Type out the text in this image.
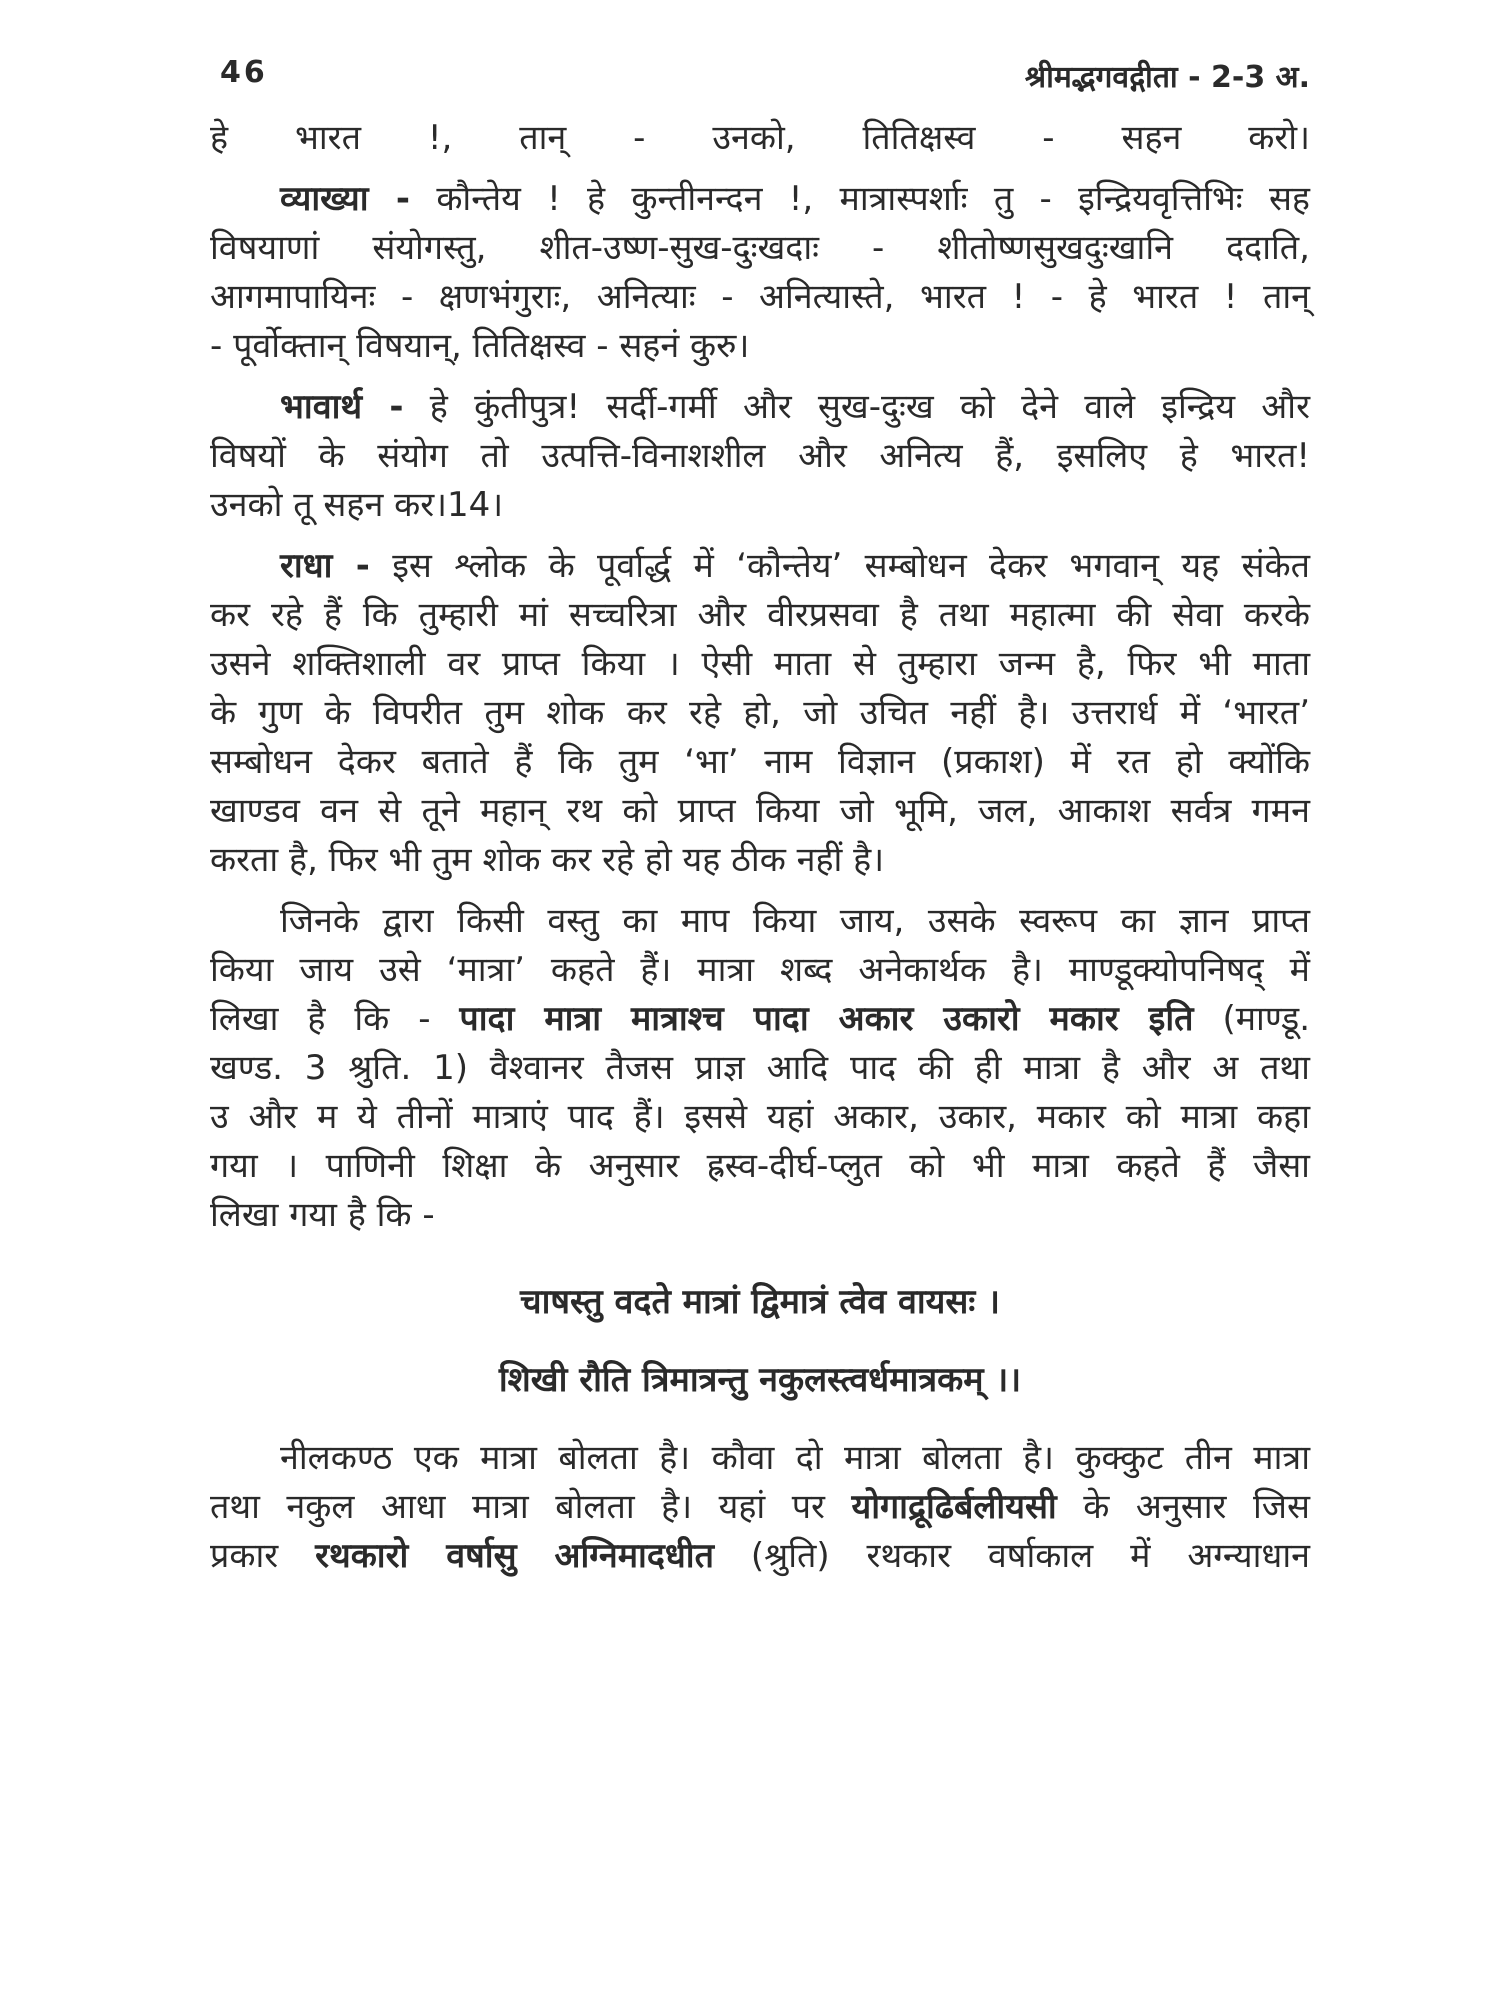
46	श्रीमद्भगवद्गीता - 2-3 अ.
हे भारत !, तान् - उनको, तितिक्षस्व - सहन करो।
व्याख्या - कौन्तेय ! हे कुन्तीनन्दन !, मात्रास्पर्शाः तु - इन्द्रियवृत्तिभिः सह
विषयाणां संयोगस्तु, शीत-उष्ण-सुख-दुःखदाः - शीतोष्णसुखदुःखानि ददाति,
आगमापायिनः - क्षणभंगुराः, अनित्याः - अनित्यास्ते, भारत ! - हे भारत ! तान्
- पूर्वोक्तान् विषयान्, तितिक्षस्व - सहनं कुरु।
भावार्थ - हे कुंतीपुत्र! सर्दी-गर्मी और सुख-दुःख को देने वाले इन्द्रिय और
विषयों के संयोग तो उत्पत्ति-विनाशशील और अनित्य हैं, इसलिए हे भारत!
उनको तू सहन कर।14।
राधा - इस श्लोक के पूर्वार्द्ध में ‘कौन्तेय’ सम्बोधन देकर भगवान् यह संकेत
कर रहे हैं कि तुम्हारी मां सच्चरित्रा और वीरप्रसवा है तथा महात्मा की सेवा करके
उसने शक्तिशाली वर प्राप्त किया । ऐसी माता से तुम्हारा जन्म है, फिर भी माता
के गुण के विपरीत तुम शोक कर रहे हो, जो उचित नहीं है। उत्तरार्ध में ‘भारत’
सम्बोधन देकर बताते हैं कि तुम ‘भा’ नाम विज्ञान (प्रकाश) में रत हो क्योंकि
खाण्डव वन से तूने महान् रथ को प्राप्त किया जो भूमि, जल, आकाश सर्वत्र गमन
करता है, फिर भी तुम शोक कर रहे हो यह ठीक नहीं है।
जिनके द्वारा किसी वस्तु का माप किया जाय, उसके स्वरूप का ज्ञान प्राप्त
किया जाय उसे ‘मात्रा’ कहते हैं। मात्रा शब्द अनेकार्थक है। माण्डूक्योपनिषद् में
लिखा है कि - पादा मात्रा मात्राश्च पादा अकार उकारो मकार इति (माण्डू.
खण्ड. 3 श्रुति. 1) वैश्वानर तैजस प्राज्ञ आदि पाद की ही मात्रा है और अ तथा
उ और म ये तीनों मात्राएं पाद हैं। इससे यहां अकार, उकार, मकार को मात्रा कहा
गया । पाणिनी शिक्षा के अनुसार ह्रस्व-दीर्घ-प्लुत को भी मात्रा कहते हैं जैसा
लिखा गया है कि -
चाषस्तु वदते मात्रां द्विमात्रं त्वेव वायसः ।
शिखी रौति त्रिमात्रन्तु नकुलस्त्वर्धमात्रकम् ।।
नीलकण्ठ एक मात्रा बोलता है। कौवा दो मात्रा बोलता है। कुक्कुट तीन मात्रा
तथा नकुल आधा मात्रा बोलता है। यहां पर योगाद्रूढिर्बलीयसी के अनुसार जिस
प्रकार रथकारो वर्षासु अग्निमादधीत (श्रुति) रथकार वर्षाकाल में अग्न्याधान
